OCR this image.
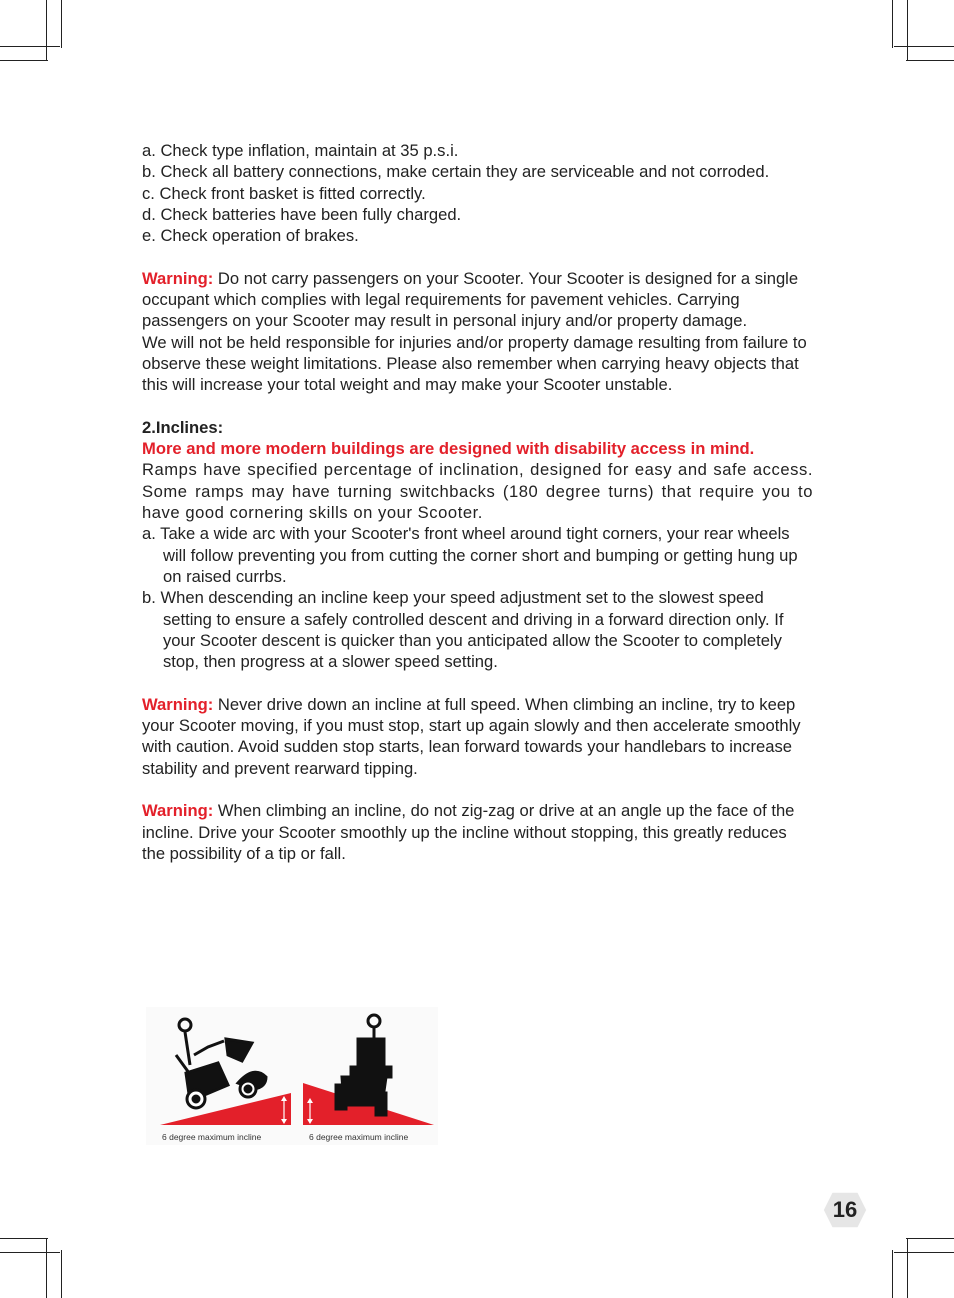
a. Check type inflation, maintain at 35 p.s.i.

b. Check all battery connections, make certain they are serviceable and not corroded.

c. Check front basket is fitted correctly.

d. Check batteries have been fully charged.

e. Check operation of brakes.

Warning: Do not carry passengers on your Scooter. Your Scooter is designed for a single occupant which complies with legal requirements for pavement vehicles. Carrying passengers on your Scooter may result in personal injury and/or property damage.

We will not be held responsible for injuries and/or property damage resulting from failure to observe these weight limitations. Please also remember when carrying heavy objects that this will increase your total weight and may make your Scooter unstable.

2.Inclines:

More and more modern buildings are designed with disability access in mind.

Ramps have specified percentage of inclination, designed for easy and safe access. Some ramps may have turning switchbacks (180 degree turns) that require you to have good cornering skills on your Scooter.

a. Take a wide arc with your Scooter's front wheel around tight corners, your rear wheels will follow preventing you from cutting the corner short and bumping or getting hung up on raised currbs.

b. When descending an incline keep your speed adjustment set to the slowest speed setting to ensure a safely controlled descent and driving in a forward direction only. If your Scooter descent is quicker than you anticipated allow the Scooter to completely stop, then progress at a slower speed setting.

Warning: Never drive down an incline at full speed. When climbing an incline, try to keep your Scooter moving, if you must stop, start up again slowly and then accelerate smoothly with caution. Avoid sudden stop starts, lean forward towards your handlebars to increase stability and prevent rearward tipping.

Warning: When climbing an incline, do not zig-zag or drive at an angle up the face of the incline. Drive your Scooter smoothly up the incline without stopping, this greatly reduces the possibility of a tip or fall.

6 degree maximum incline	6 degree maximum incline
16
